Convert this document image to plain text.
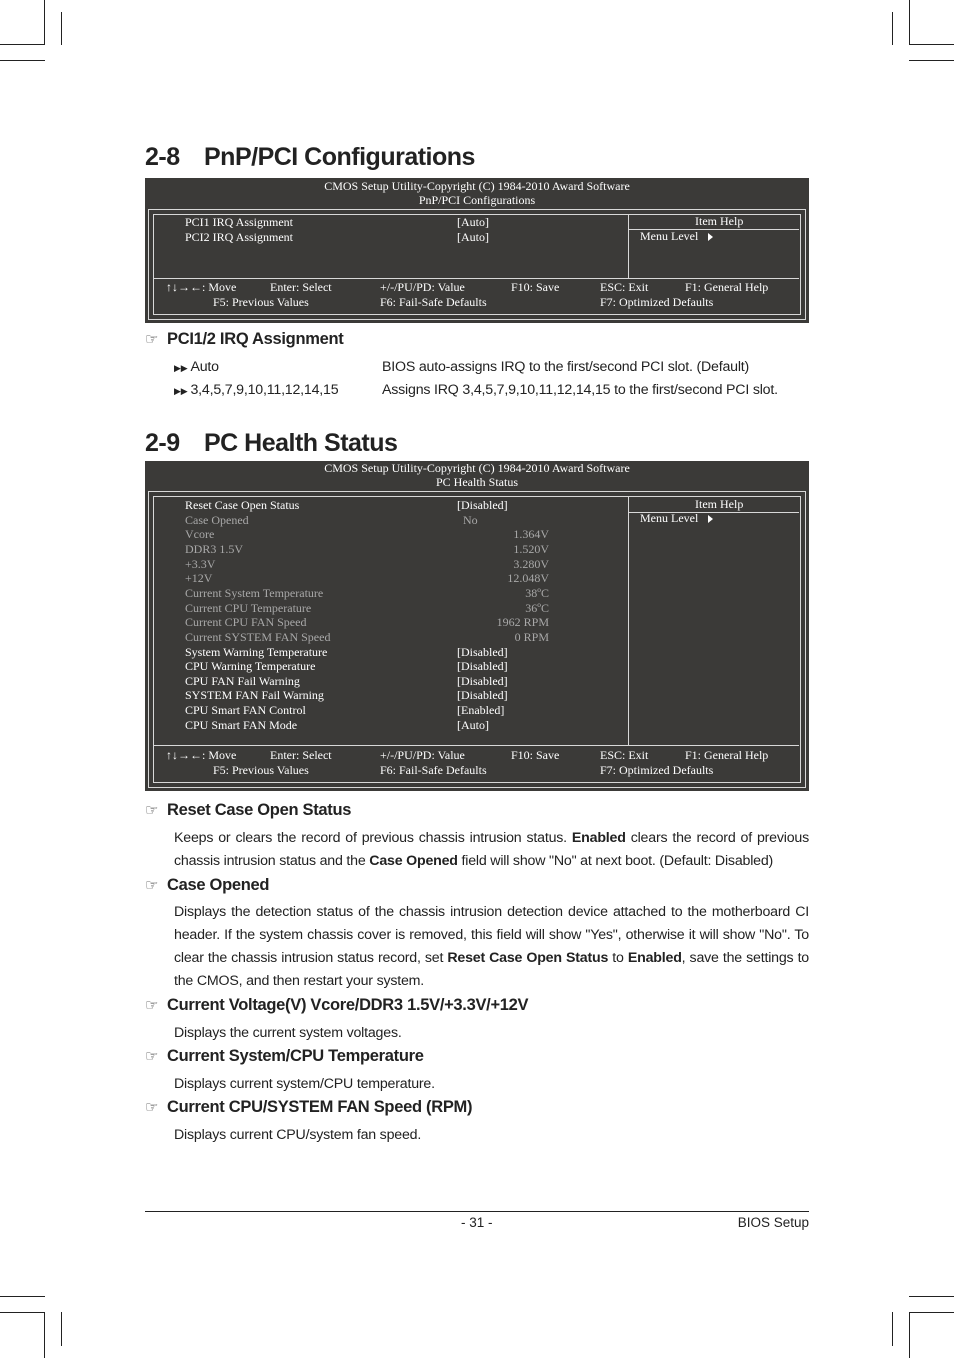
2-8 PnP/PCI Configurations
CMOS Setup Utility-Copyright (C) 1984-2010 Award Software
PnP/PCI Configurations
PCI1 IRQ Assignment	[Auto]
PCI2 IRQ Assignment	[Auto]
Item Help
Menu Level
↑↓→←: Move	Enter: Select	+/-/PU/PD: Value	F10: Save	ESC: Exit	F1: General Help
F5: Previous Values	F6: Fail-Safe Defaults	F7: Optimized Defaults
☞ PCI1/2 IRQ Assignment
▶▶ Auto	BIOS auto-assigns IRQ to the first/second PCI slot. (Default)
▶▶ 3,4,5,7,9,10,11,12,14,15	Assigns IRQ 3,4,5,7,9,10,11,12,14,15 to the first/second PCI slot.
2-9 PC Health Status
CMOS Setup Utility-Copyright (C) 1984-2010 Award Software
PC Health Status
Reset Case Open Status	[Disabled]
Case Opened	No
Vcore	1.364V
DDR3 1.5V	1.520V
+3.3V	3.280V
+12V	12.048V
Current System Temperature	38ºC
Current CPU Temperature	36ºC
Current CPU FAN Speed	1962 RPM
Current SYSTEM FAN Speed	0 RPM
System Warning Temperature	[Disabled]
CPU Warning Temperature	[Disabled]
CPU FAN Fail Warning	[Disabled]
SYSTEM FAN Fail Warning	[Disabled]
CPU Smart FAN Control	[Enabled]
CPU Smart FAN Mode	[Auto]
Item Help
Menu Level
↑↓→←: Move	Enter: Select	+/-/PU/PD: Value	F10: Save	ESC: Exit	F1: General Help
F5: Previous Values	F6: Fail-Safe Defaults	F7: Optimized Defaults
☞ Reset Case Open Status
Keeps or clears the record of previous chassis intrusion status. Enabled clears the record of previous chassis intrusion status and the Case Opened field will show "No" at next boot. (Default: Disabled)
☞ Case Opened
Displays the detection status of the chassis intrusion detection device attached to the motherboard CI header. If the system chassis cover is removed, this field will show "Yes", otherwise it will show "No". To clear the chassis intrusion status record, set Reset Case Open Status to Enabled, save the settings to the CMOS, and then restart your system.
☞ Current Voltage(V) Vcore/DDR3 1.5V/+3.3V/+12V
Displays the current system voltages.
☞ Current System/CPU Temperature
Displays current system/CPU temperature.
☞ Current CPU/SYSTEM FAN Speed (RPM)
Displays current CPU/system fan speed.
- 31 -	BIOS Setup
